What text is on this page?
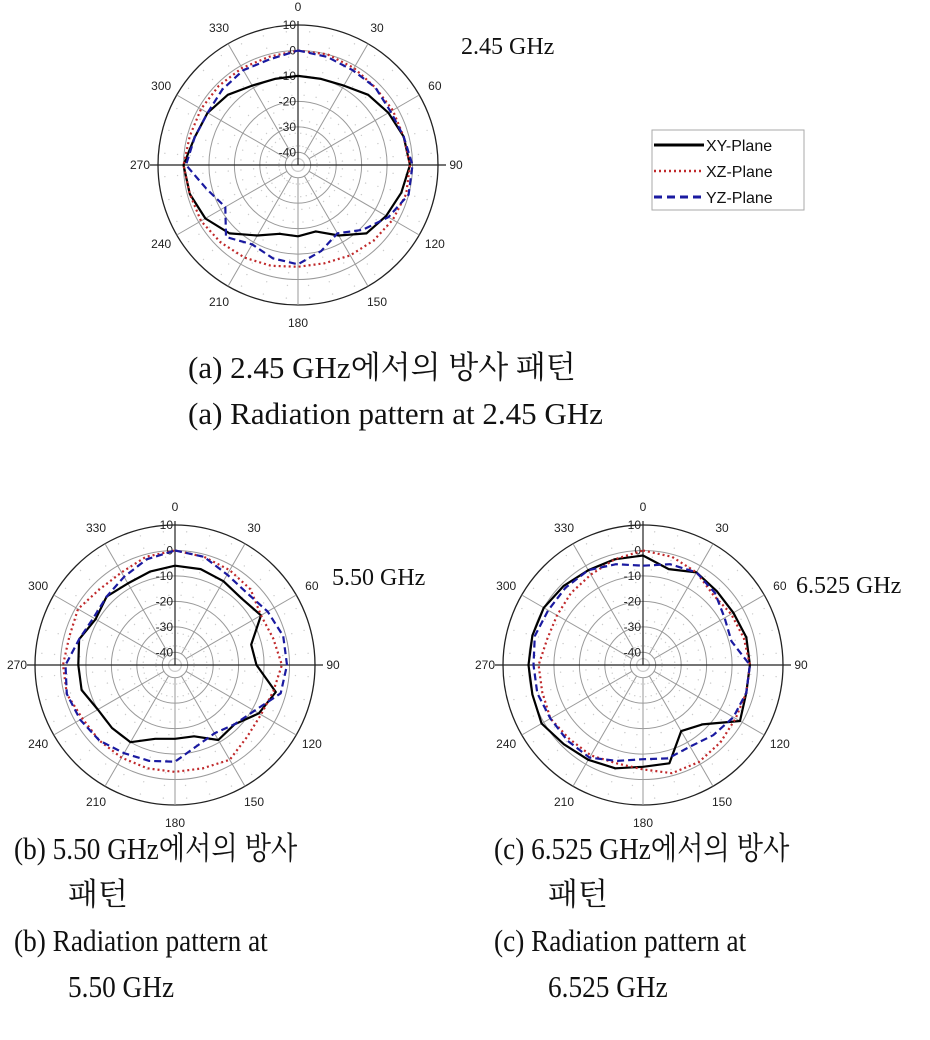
0
30
60
90
120
150
180
210
240
270
300
330	10
0
-10
-20
-30
-40
0
30
60
90
120
150
180
210
240
270
300
330	10
0
-10
-20
-30
-40
0
30
60
90
120
150
180
210
240
270
300
330	10
0
-10
-20
-30
-40
2.45 GHz
5.50 GHz	6.525 GHz
XY-Plane
XZ-Plane
YZ-Plane
(a) 2.45 GHz에서의 방사 패턴
(a) Radiation pattern at 2.45 GHz
(b) 5.50 GHz에서의 방사
패턴
(b) Radiation pattern at
5.50 GHz
(c) 6.525 GHz에서의 방사
패턴
(c) Radiation pattern at
6.525 GHz
